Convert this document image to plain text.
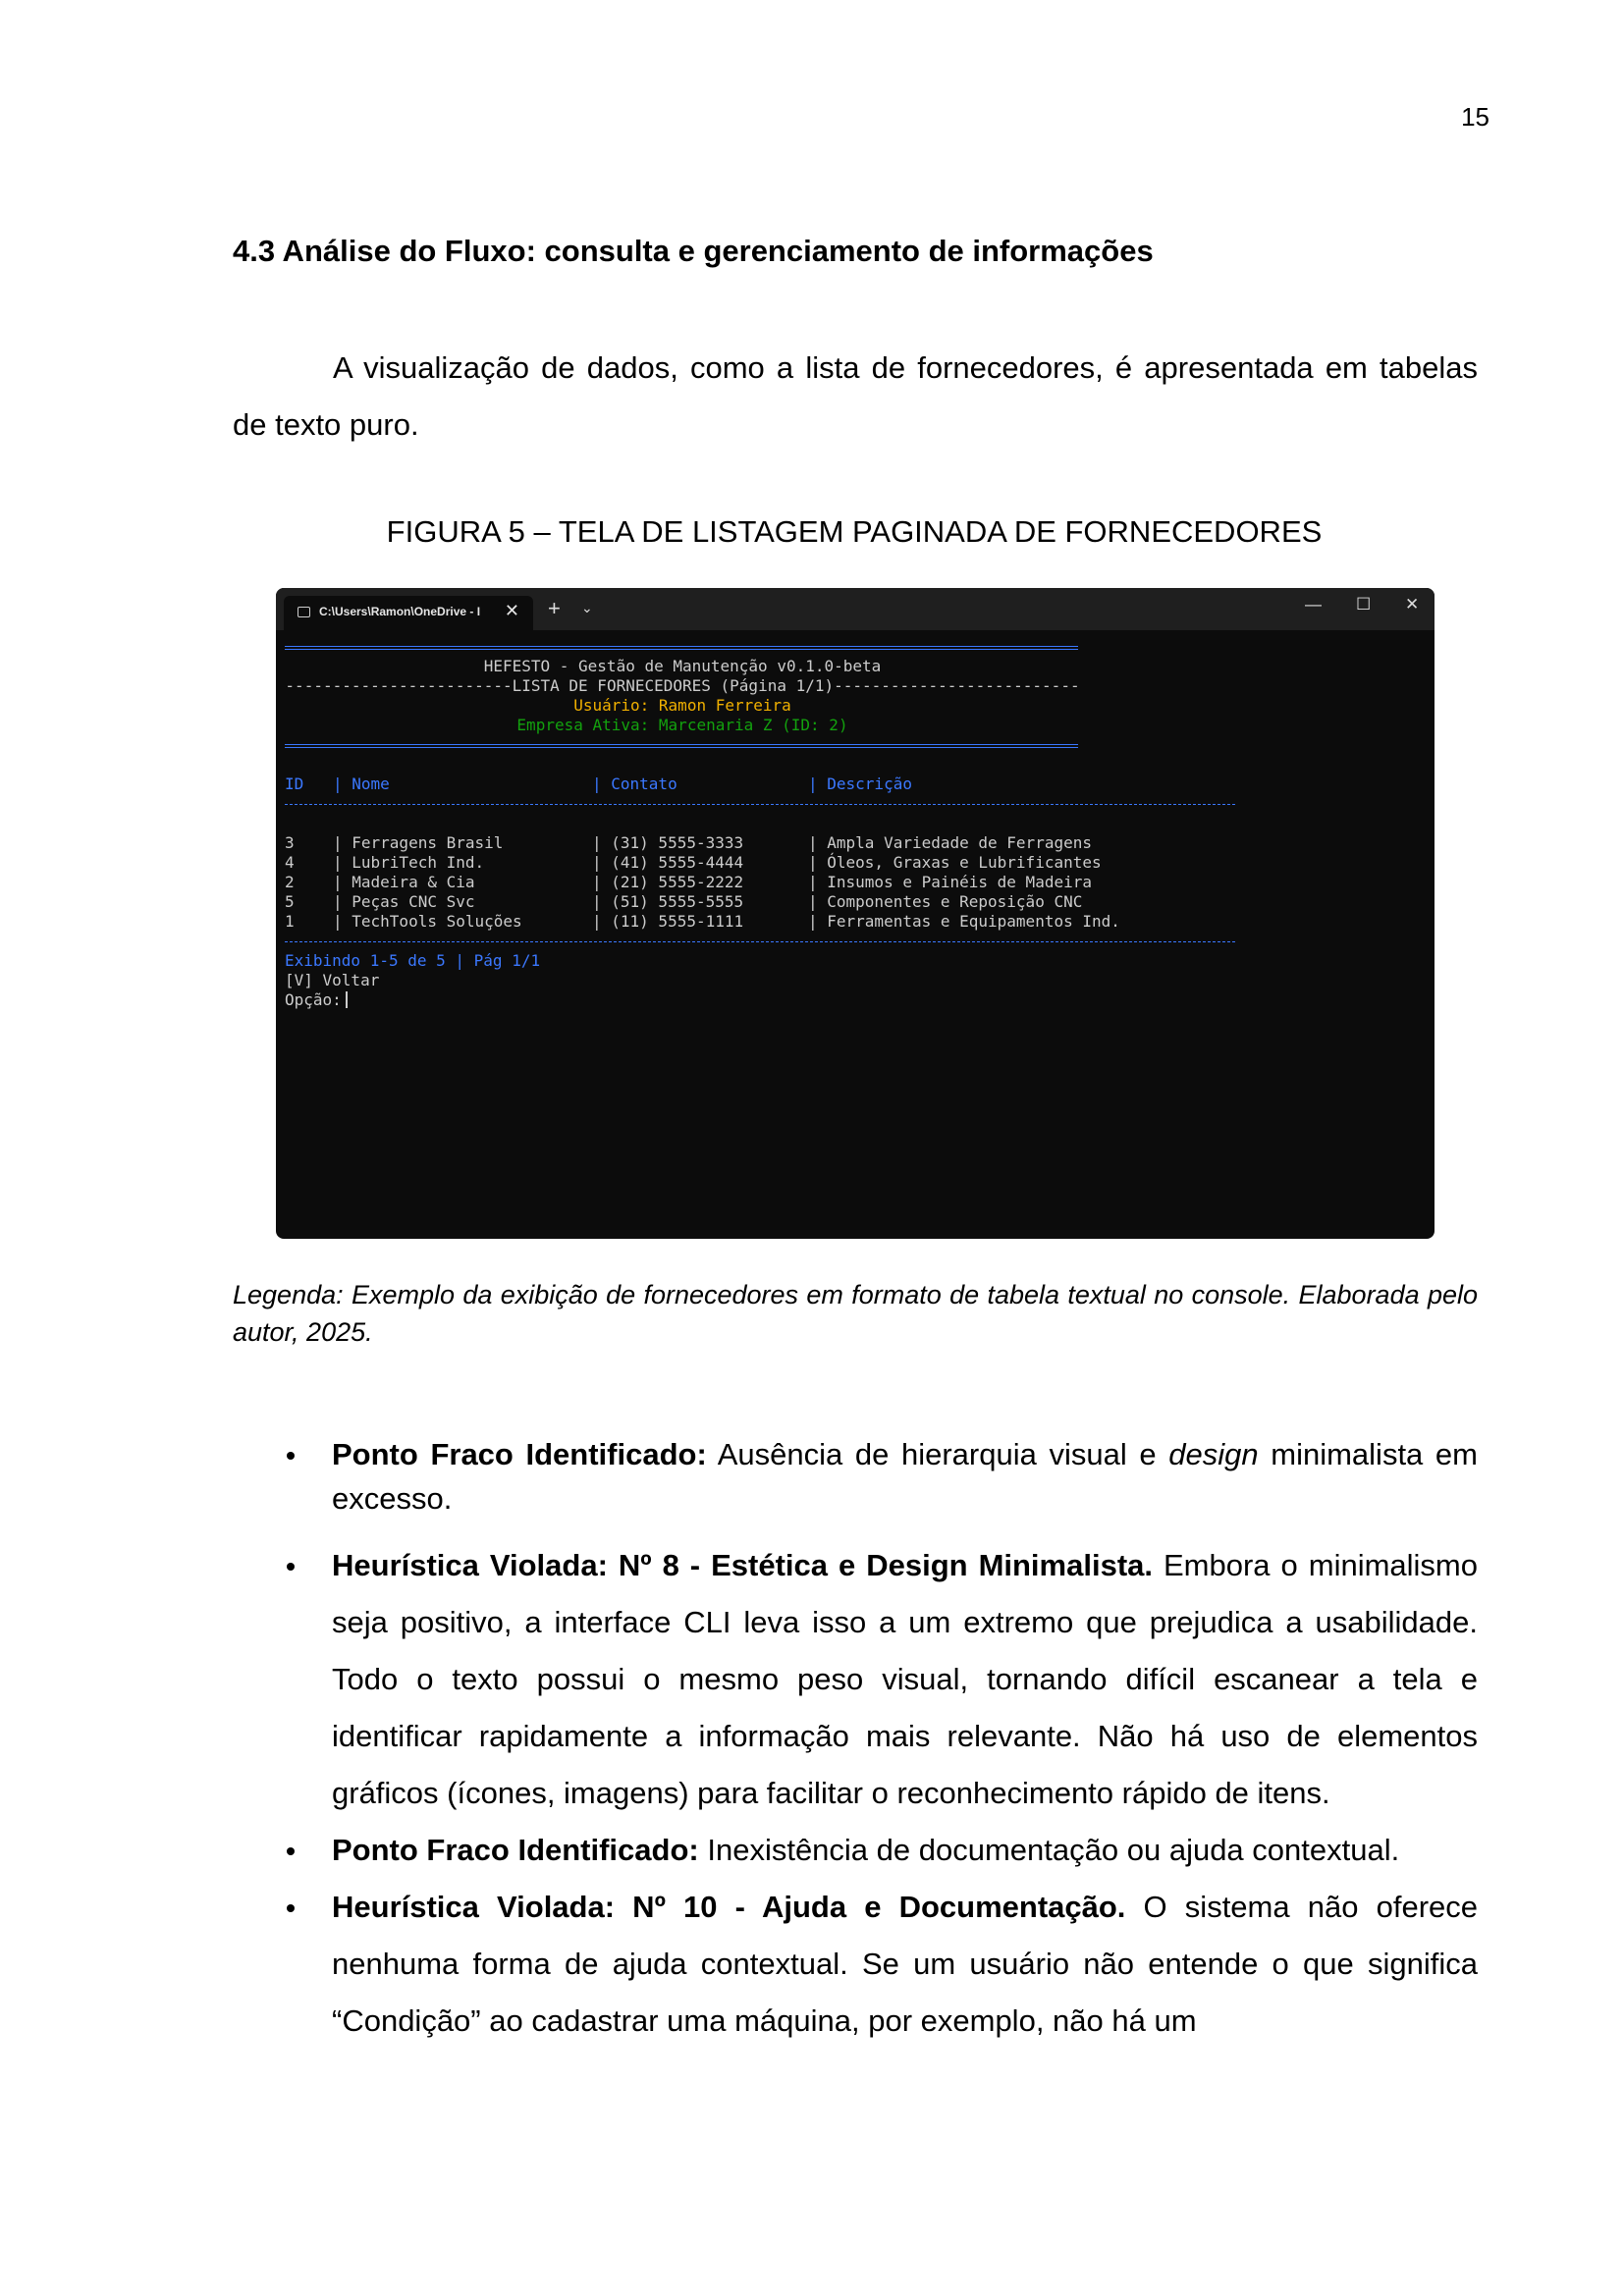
15
4.3 Análise do Fluxo: consulta e gerenciamento de informações
A visualização de dados, como a lista de fornecedores, é apresentada em tabelas de texto puro.
FIGURA 5 – TELA DE LISTAGEM PAGINADA DE FORNECEDORES
C:\Users\Ramon\OneDrive - I ✕ + ⌄	— ☐ ✕
HEFESTO - Gestão de Manutenção v0.1.0-beta
------------------------LISTA DE FORNECEDORES (Página 1/1)--------------------------
Usuário: Ramon Ferreira
Empresa Ativa: Marcenaria Z (ID: 2)
ID | Nome	| Contato	| Descrição
3 | Ferragens Brasil	| (31) 5555-3333	| Ampla Variedade de Ferragens
4 | LubriTech Ind.	| (41) 5555-4444	| Óleos, Graxas e Lubrificantes
2 | Madeira & Cia	| (21) 5555-2222	| Insumos e Painéis de Madeira
5 | Peças CNC Svc	| (51) 5555-5555	| Componentes e Reposição CNC
1 | TechTools Soluções	| (11) 5555-1111	| Ferramentas e Equipamentos Ind.
Exibindo 1-5 de 5 | Pág 1/1
[V] Voltar
Opção:
Legenda: Exemplo da exibição de fornecedores em formato de tabela textual no console. Elaborada pelo autor, 2025.
Ponto Fraco Identificado: Ausência de hierarquia visual e design minimalista em excesso.
Heurística Violada: Nº 8 - Estética e Design Minimalista. Embora o minimalismo seja positivo, a interface CLI leva isso a um extremo que prejudica a usabilidade. Todo o texto possui o mesmo peso visual, tornando difícil escanear a tela e identificar rapidamente a informação mais relevante. Não há uso de elementos gráficos (ícones, imagens) para facilitar o reconhecimento rápido de itens.
Ponto Fraco Identificado: Inexistência de documentação ou ajuda contextual.
Heurística Violada: Nº 10 - Ajuda e Documentação. O sistema não oferece nenhuma forma de ajuda contextual. Se um usuário não entende o que significa “Condição” ao cadastrar uma máquina, por exemplo, não há um
